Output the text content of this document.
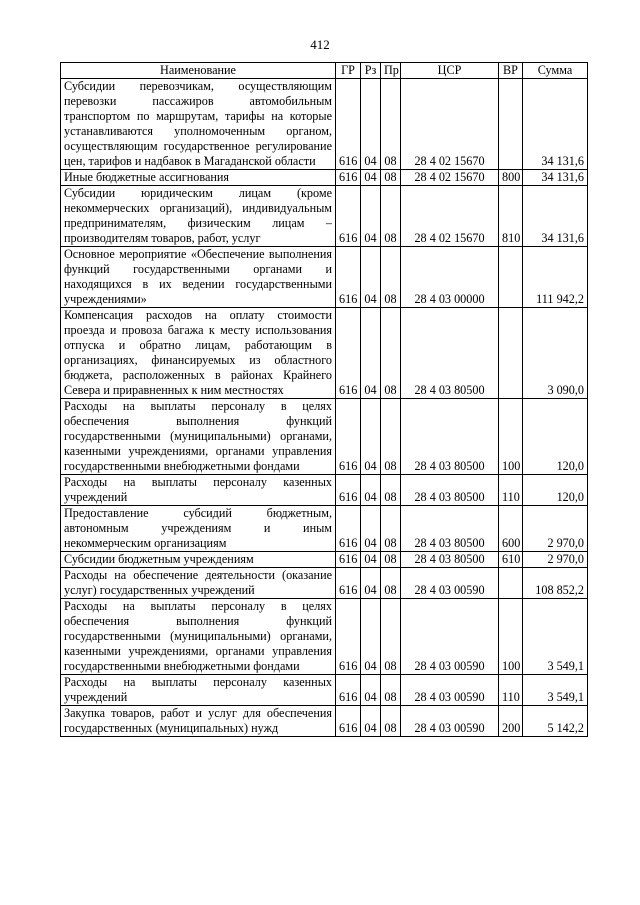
412
Наименование	ГР	Рз	Пр	ЦСР	ВР	Сумма
Субсидии перевозчикам, осуществляющим перевозки пассажиров автомобильным транспортом по маршрутам, тарифы на которые устанавливаются уполномоченным органом, осуществляющим государственное регулирование цен, тарифов и надбавок в Магаданской области	616	04	08	28 4 02 15670		34 131,6
Иные бюджетные ассигнования	616	04	08	28 4 02 15670	800	34 131,6
Субсидии юридическим лицам (кроме некоммерческих организаций), индивидуальным предпринимателям, физическим лицам – производителям товаров, работ, услуг	616	04	08	28 4 02 15670	810	34 131,6
Основное мероприятие «Обеспечение выполнения функций государственными органами и находящихся в их ведении государственными учреждениями»	616	04	08	28 4 03 00000		111 942,2
Компенсация расходов на оплату стоимости проезда и провоза багажа к месту использования отпуска и обратно лицам, работающим в организациях, финансируемых из областного бюджета, расположенных в районах Крайнего Севера и приравненных к ним местностях	616	04	08	28 4 03 80500		3 090,0
Расходы на выплаты персоналу в целях обеспечения выполнения функций государственными (муниципальными) органами, казенными учреждениями, органами управления государственными внебюджетными фондами	616	04	08	28 4 03 80500	100	120,0
Расходы на выплаты персоналу казенных учреждений	616	04	08	28 4 03 80500	110	120,0
Предоставление субсидий бюджетным, автономным учреждениям и иным некоммерческим организациям	616	04	08	28 4 03 80500	600	2 970,0
Субсидии бюджетным учреждениям	616	04	08	28 4 03 80500	610	2 970,0
Расходы на обеспечение деятельности (оказание услуг) государственных учреждений	616	04	08	28 4 03 00590		108 852,2
Расходы на выплаты персоналу в целях обеспечения выполнения функций государственными (муниципальными) органами, казенными учреждениями, органами управления государственными внебюджетными фондами	616	04	08	28 4 03 00590	100	3 549,1
Расходы на выплаты персоналу казенных учреждений	616	04	08	28 4 03 00590	110	3 549,1
Закупка товаров, работ и услуг для обеспечения государственных (муниципальных) нужд	616	04	08	28 4 03 00590	200	5 142,2
